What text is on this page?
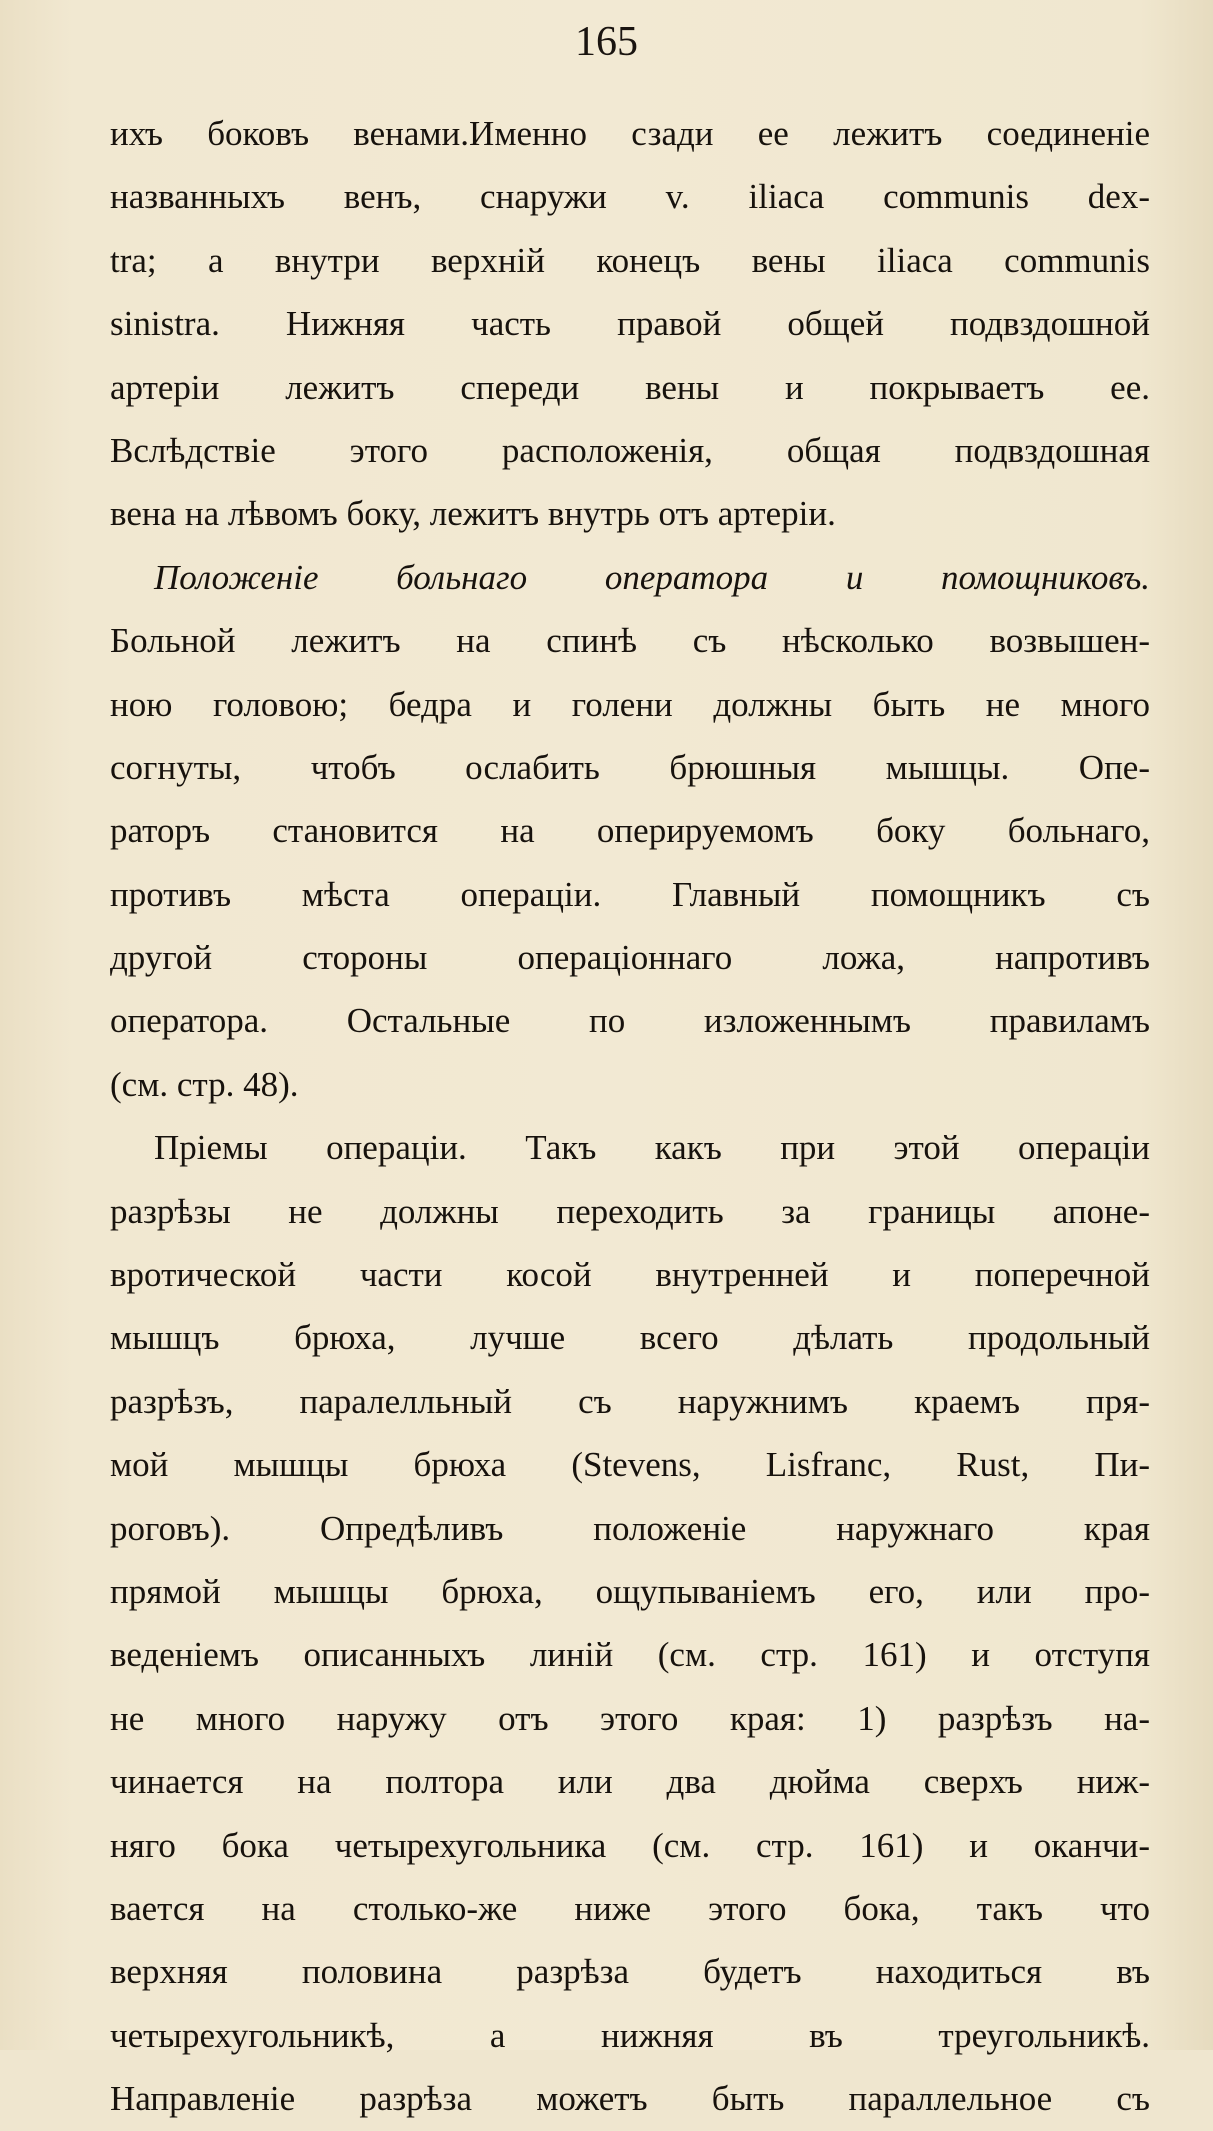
165
ихъ боковъ венами.Именно сзади ее лежитъ соединеніе
названныхъ венъ, снаружи v. iliaca communis dex-
tra; а внутри верхній конецъ вены iliaca communis
sinistra. Нижняя часть правой общей подвздошной
артеріи лежитъ спереди вены и покрываетъ ее.
Вслѣдствіе этого расположенія, общая подвздошная
вена на лѣвомъ боку, лежитъ внутрь отъ артеріи.
Положеніе больнаго оператора и помощниковъ.
Больной лежитъ на спинѣ съ нѣсколько возвышен-
ною головою; бедра и голени должны быть не много
согнуты, чтобъ ослабить брюшныя мышцы. Опе-
раторъ становится на оперируемомъ боку больнаго,
противъ мѣста операціи. Главный помощникъ съ
другой стороны операціоннаго ложа, напротивъ
оператора. Остальные по изложеннымъ правиламъ
(см. стр. 48).
Пріемы операціи. Такъ какъ при этой операціи
разрѣзы не должны переходить за границы апоне-
вротической части косой внутренней и поперечной
мышцъ брюха, лучше всего дѣлать продольный
разрѣзъ, паралелльный съ наружнимъ краемъ пря-
мой мышцы брюха (Stevens, Lisfranc, Rust, Пи-
роговъ). Опредѣливъ положеніе наружнаго края
прямой мышцы брюха, ощупываніемъ его, или про-
веденіемъ описанныхъ линій (см. стр. 161) и отступя
не много наружу отъ этого края: 1) разрѣзъ на-
чинается на полтора или два дюйма сверхъ ниж-
няго бока четырехугольника (см. стр. 161) и оканчи-
вается на столько-же ниже этого бока, такъ что
верхняя половина разрѣза будетъ находиться въ
четырехугольникѣ, а нижняя въ треугольникѣ.
Направленіе разрѣза можетъ быть параллельное съ
